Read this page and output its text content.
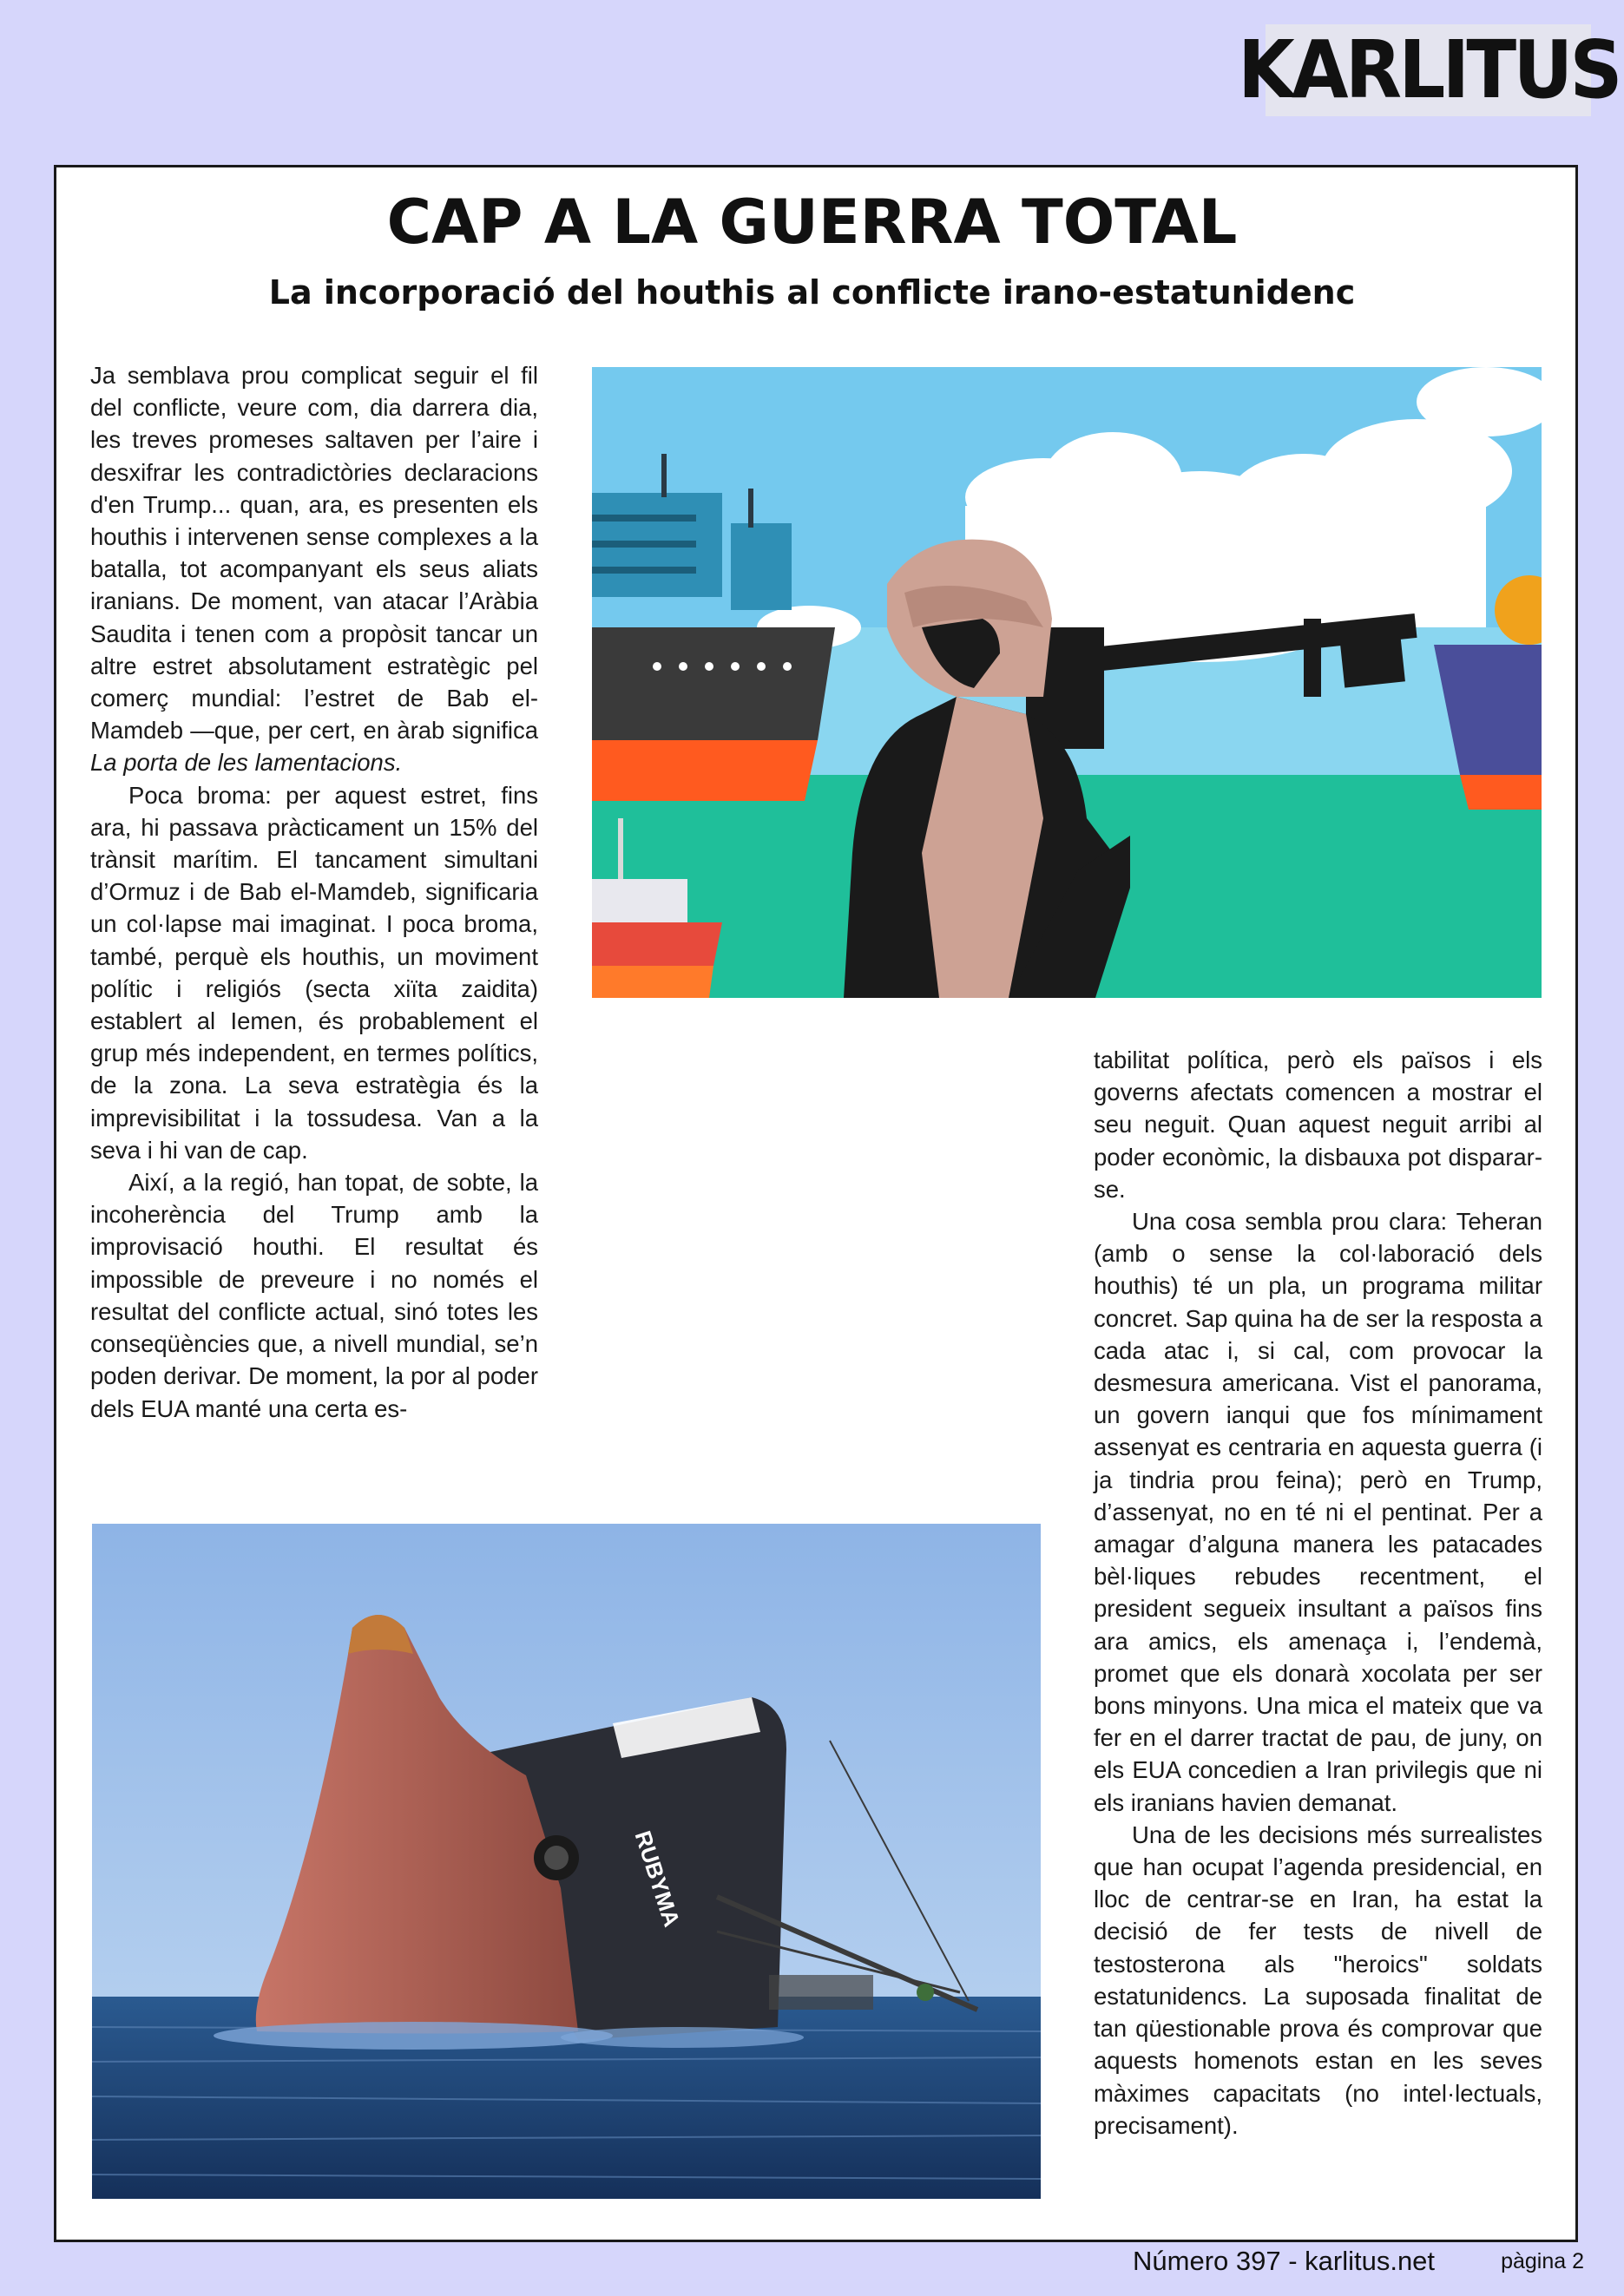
KARLITUS
CAP A LA GUERRA TOTAL
La incorporació del houthis al conflicte irano-estatunidenc

Ja semblava prou complicat seguir el fil del conflicte, veure com, dia darrera dia, les treves promeses saltaven per l’aire i desxifrar les contradictòries declaracions d'en Trump... quan, ara, es presenten els houthis i intervenen sense complexes a la batalla, tot acompanyant els seus aliats iranians. De moment, van atacar l’Aràbia Saudita i tenen com a propòsit tancar un altre estret absolutament estratègic pel comerç mundial: l’estret de Bab el-Mamdeb —que, per cert, en àrab significa La porta de les lamentacions.

Poca broma: per aquest estret, fins ara, hi passava pràcticament un 15% del trànsit marítim. El tancament simultani d’Ormuz i de Bab el-Mamdeb, significaria un col·lapse mai imaginat. I poca broma, també, perquè els houthis, un moviment polític i religiós (secta xiïta zaidita) establert al Iemen, és probablement el grup més independent, en termes polítics, de la zona. La seva estratègia és la imprevisibilitat i la tossudesa. Van a la seva i hi van de cap.

Així, a la regió, han topat, de sobte, la incoherència del Trump amb la improvisació houthi. El resultat és impossible de preveure i no només el resultat del conflicte actual, sinó totes les conseqüències que, a nivell mundial, se’n poden derivar. De moment, la por al poder dels EUA manté una certa es-

tabilitat política, però els països i els governs afectats comencen a mostrar el seu neguit. Quan aquest neguit arribi al poder econòmic, la disbauxa pot disparar-se.

Una cosa sembla prou clara: Teheran (amb o sense la col·laboració dels houthis) té un pla, un programa militar concret. Sap quina ha de ser la resposta a cada atac i, si cal, com provocar la desmesura americana. Vist el panorama, un govern ianqui que fos mínimament assenyat es centraria en aquesta guerra (i ja tindria prou feina); però en Trump, d’assenyat, no en té ni el pentinat. Per a amagar d’alguna manera les patacades bèl·liques rebudes recentment, el president segueix insultant a països fins ara amics, els amenaça i, l’endemà, promet que els donarà xocolata per ser bons minyons. Una mica el mateix que va fer en el darrer tractat de pau, de juny, on els EUA concedien a Iran privilegis que ni els iranians havien demanat.

Una de les decisions més surrealistes que han ocupat l’agenda presidencial, en lloc de centrar-se en Iran, ha estat la decisió de fer tests de nivell de testosterona als "heroics" soldats estatunidencs. La suposada finalitat de tan qüestionable prova és comprovar que aquests homenots estan en les seves màximes capacitats (no intel·lectuals, precisament).

RUBYMA
Número 397 - karlitus.net	pàgina 2
